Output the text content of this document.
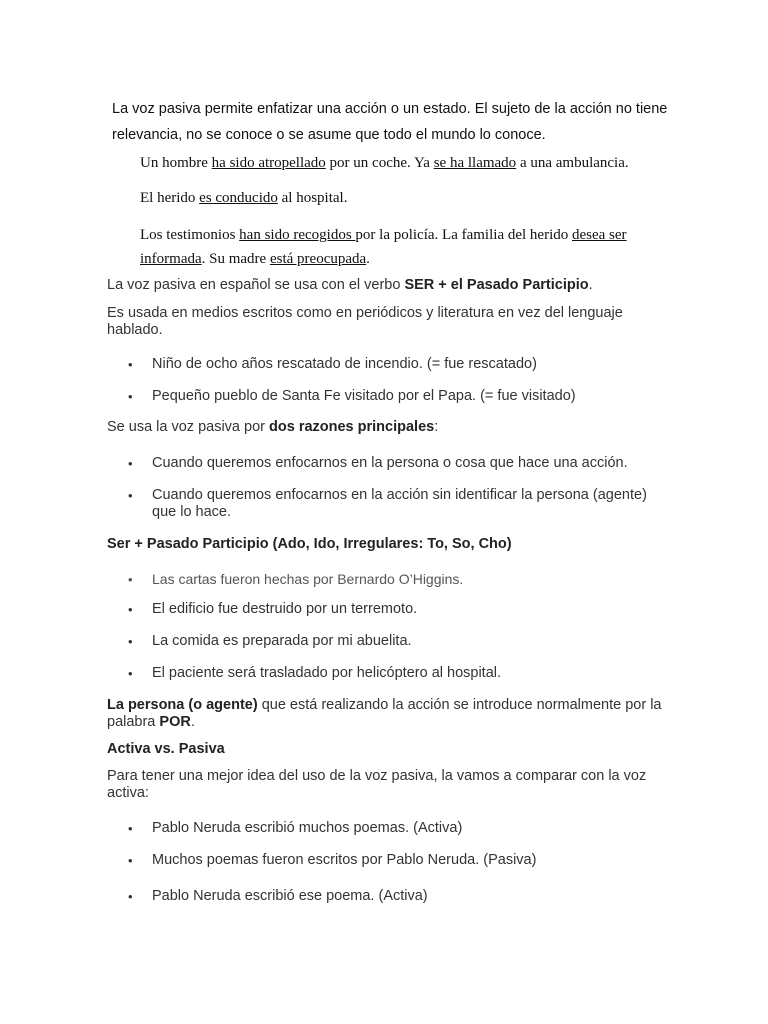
La voz pasiva permite enfatizar una acción o un estado. El sujeto de la acción no tiene relevancia, no se conoce o se asume que todo el mundo lo conoce.
Un hombre ha sido atropellado por un coche. Ya se ha llamado a una ambulancia.
El herido es conducido al hospital.
Los testimonios han sido recogidos por la policía. La familia del herido desea ser informada. Su madre está preocupada.
La voz pasiva en español se usa con el verbo SER + el Pasado Participio.
Es usada en medios escritos como en periódicos y literatura en vez del lenguaje hablado.
•	Niño de ocho años rescatado de incendio. (= fue rescatado)
•	Pequeño pueblo de Santa Fe visitado por el Papa. (= fue visitado)
Se usa la voz pasiva por dos razones principales:
•	Cuando queremos enfocarnos en la persona o cosa que hace una acción.
•	Cuando queremos enfocarnos en la acción sin identificar la persona (agente) que lo hace.
Ser + Pasado Participio (Ado, Ido, Irregulares: To, So, Cho)
•	Las cartas fueron hechas por Bernardo O’Higgins.
•	El edificio fue destruido por un terremoto.
•	La comida es preparada por mi abuelita.
•	El paciente será trasladado por helicóptero al hospital.
La persona (o agente) que está realizando la acción se introduce normalmente por la palabra POR.
Activa vs. Pasiva
Para tener una mejor idea del uso de la voz pasiva, la vamos a comparar con la voz activa:
•	Pablo Neruda escribió muchos poemas. (Activa)
•	Muchos poemas fueron escritos por Pablo Neruda. (Pasiva)
•	Pablo Neruda escribió ese poema. (Activa)
